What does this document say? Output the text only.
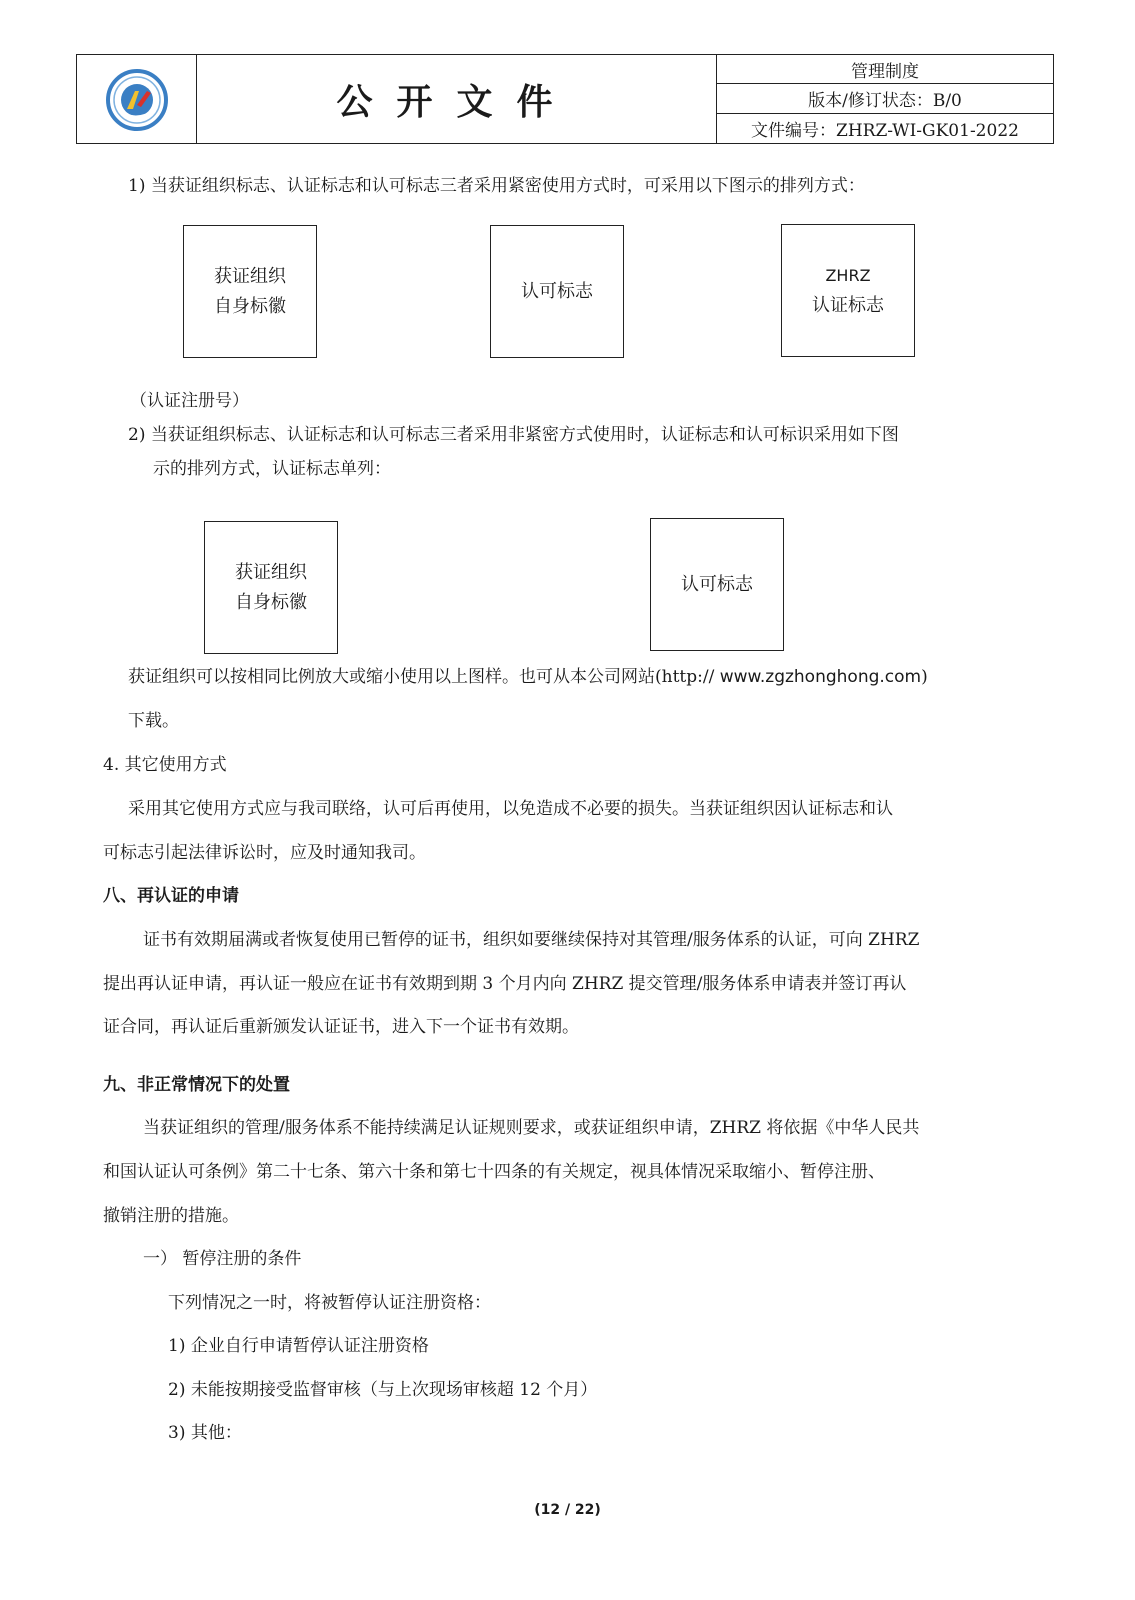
公开文件
管理制度
版本/修订状态：B/0
文件编号：ZHRZ-WI-GK01-2022
1) 当获证组织标志、认证标志和认可标志三者采用紧密使用方式时，可采用以下图示的排列方式：
获证组织
自身标徽
认可标志
ZHRZ
认证标志
（认证注册号）
2) 当获证组织标志、认证标志和认可标志三者采用非紧密方式使用时，认证标志和认可标识采用如下图
示的排列方式，认证标志单列：
获证组织
自身标徽
认可标志
获证组织可以按相同比例放大或缩小使用以上图样。也可从本公司网站(http:// www.zgzhonghong.com)
下载。
4. 其它使用方式
采用其它使用方式应与我司联络，认可后再使用，以免造成不必要的损失。当获证组织因认证标志和认
可标志引起法律诉讼时，应及时通知我司。
八、再认证的申请
证书有效期届满或者恢复使用已暂停的证书，组织如要继续保持对其管理/服务体系的认证，可向 ZHRZ
提出再认证申请，再认证一般应在证书有效期到期 3 个月内向 ZHRZ 提交管理/服务体系申请表并签订再认
证合同，再认证后重新颁发认证证书，进入下一个证书有效期。
九、非正常情况下的处置
当获证组织的管理/服务体系不能持续满足认证规则要求，或获证组织申请，ZHRZ 将依据《中华人民共
和国认证认可条例》第二十七条、第六十条和第七十四条的有关规定，视具体情况采取缩小、暂停注册、
撤销注册的措施。
一） 暂停注册的条件
下列情况之一时，将被暂停认证注册资格：
1) 企业自行申请暂停认证注册资格
2) 未能按期接受监督审核（与上次现场审核超 12 个月）
3) 其他：
(12 / 22)
